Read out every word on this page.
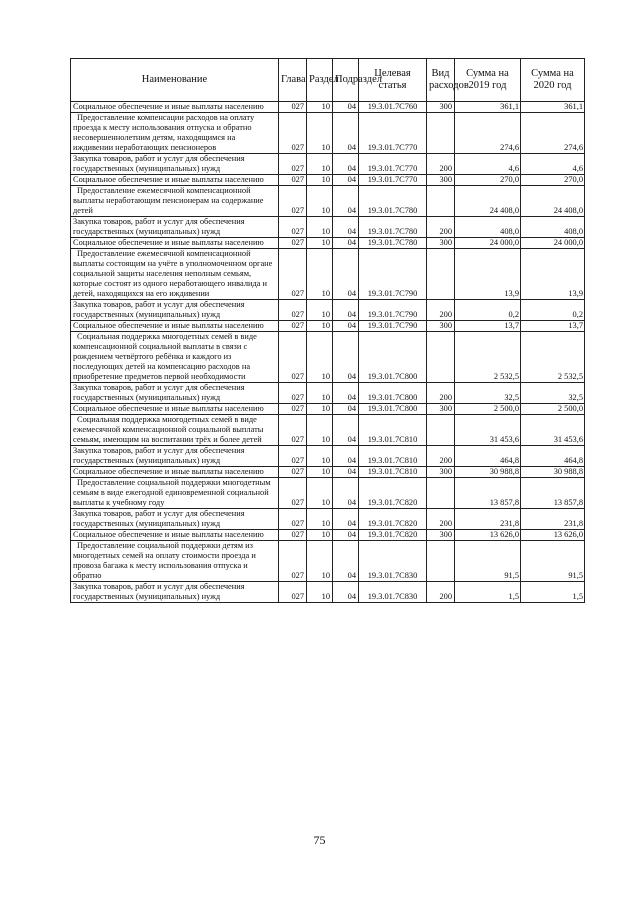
Наименование	Глава	Раздел	Подраздел	Целевая статья	Вид расходов	Сумма на 2019 год	Сумма на 2020 год
Социальное обеспечение и иные выплаты населению	027	10	04	19.3.01.7С760	300	361,1	361,1
Предоставление компенсации расходов на оплату проезда к месту использования отпуска и обратно несовершеннолетним детям, находящимся на иждивении неработающих пенсионеров	027	10	04	19.3.01.7С770		274,6	274,6
Закупка товаров, работ и услуг для обеспечения государственных (муниципальных) нужд	027	10	04	19.3.01.7С770	200	4,6	4,6
Социальное обеспечение и иные выплаты населению	027	10	04	19.3.01.7С770	300	270,0	270,0
Предоставление ежемесячной компенсационной выплаты неработающим пенсионерам на содержание детей	027	10	04	19.3.01.7С780		24 408,0	24 408,0
Закупка товаров, работ и услуг для обеспечения государственных (муниципальных) нужд	027	10	04	19.3.01.7С780	200	408,0	408,0
Социальное обеспечение и иные выплаты населению	027	10	04	19.3.01.7С780	300	24 000,0	24 000,0
Предоставление ежемесячной компенсационной выплаты состоящим на учёте в уполномоченном органе социальной защиты населения неполным семьям, которые состоят из одного неработающего инвалида и детей, находящихся на его иждивении	027	10	04	19.3.01.7С790		13,9	13,9
Закупка товаров, работ и услуг для обеспечения государственных (муниципальных) нужд	027	10	04	19.3.01.7С790	200	0,2	0,2
Социальное обеспечение и иные выплаты населению	027	10	04	19.3.01.7С790	300	13,7	13,7
Социальная поддержка многодетных семей в виде компенсационной социальной выплаты в связи с рождением четвёртого ребёнка и каждого из последующих детей на компенсацию расходов на приобретение предметов первой необходимости	027	10	04	19.3.01.7С800		2 532,5	2 532,5
Закупка товаров, работ и услуг для обеспечения государственных (муниципальных) нужд	027	10	04	19.3.01.7С800	200	32,5	32,5
Социальное обеспечение и иные выплаты населению	027	10	04	19.3.01.7С800	300	2 500,0	2 500,0
Социальная поддержка многодетных семей в виде ежемесячной компенсационной социальной выплаты семьям, имеющим на воспитании трёх и более детей	027	10	04	19.3.01.7С810		31 453,6	31 453,6
Закупка товаров, работ и услуг для обеспечения государственных (муниципальных) нужд	027	10	04	19.3.01.7С810	200	464,8	464,8
Социальное обеспечение и иные выплаты населению	027	10	04	19.3.01.7С810	300	30 988,8	30 988,8
Предоставление социальной поддержки многодетным семьям в виде ежегодной единовременной социальной выплаты к учебному году	027	10	04	19.3.01.7С820		13 857,8	13 857,8
Закупка товаров, работ и услуг для обеспечения государственных (муниципальных) нужд	027	10	04	19.3.01.7С820	200	231,8	231,8
Социальное обеспечение и иные выплаты населению	027	10	04	19.3.01.7С820	300	13 626,0	13 626,0
Предоставление социальной поддержки детям из многодетных семей на оплату стоимости проезда и провоза багажа к месту использования отпуска и обратно	027	10	04	19.3.01.7С830		91,5	91,5
Закупка товаров, работ и услуг для обеспечения государственных (муниципальных) нужд	027	10	04	19.3.01.7С830	200	1,5	1,5
75
